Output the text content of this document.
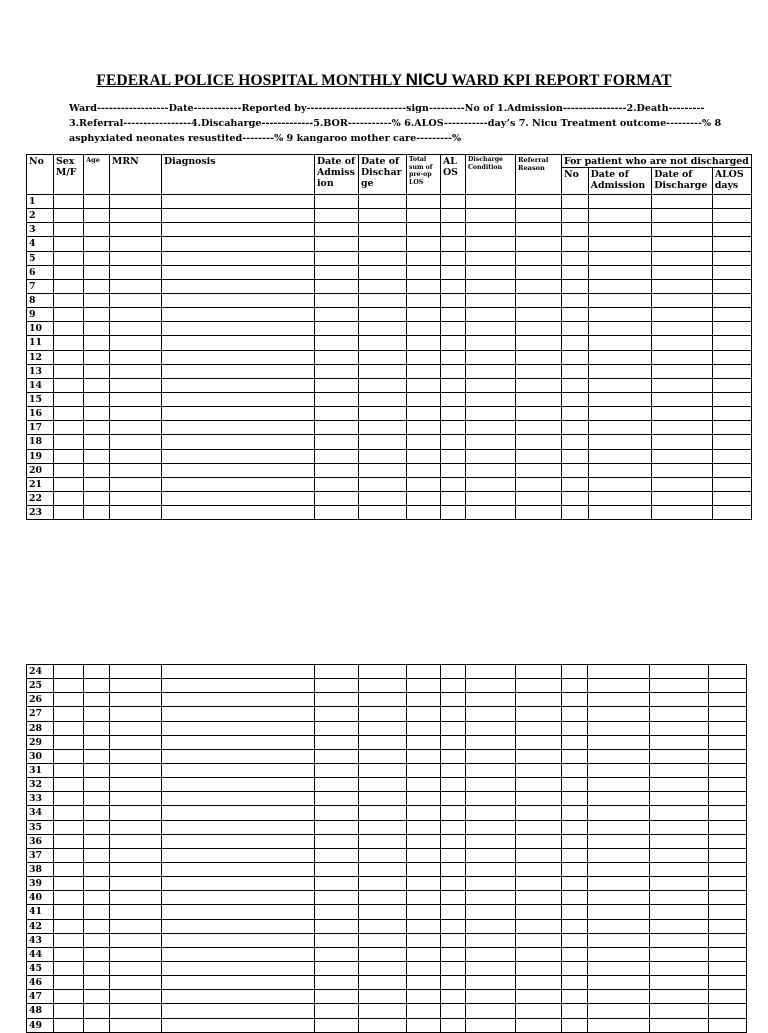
FEDERAL POLICE HOSPITAL MONTHLY NICU WARD KPI REPORT FORMAT
Ward------------------Date------------Reported by-------------------------sign---------No of 1.Admission----------------2.Death---------
3.Referral-----------------4.Discaharge-------------5.BOR-----------% 6.ALOS-----------day’s 7. Nicu Treatment outcome---------% 8
asphyxiated neonates resustited--------% 9 kangaroo mother care---------%
No	Sex M/F	Age	MRN	Diagnosis	Date of Admiss ion	Date of Dischar ge	Total sum of pre-op LOS	AL OS	Discharge Condition	Referral Reason	For patient who are not discharged			
											No	Date of Admission	Date of Discharge	ALOS days
1														
2														
3														
4														
5														
6														
7														
8														
9														
10														
11														
12														
13														
14														
15														
16														
17														
18														
19														
20														
21														
22														
23														
24														
25														
26														
27														
28														
29														
30														
31														
32														
33														
34														
35														
36														
37														
38														
39														
40														
41														
42														
43														
44														
45														
46														
47														
48														
49														
